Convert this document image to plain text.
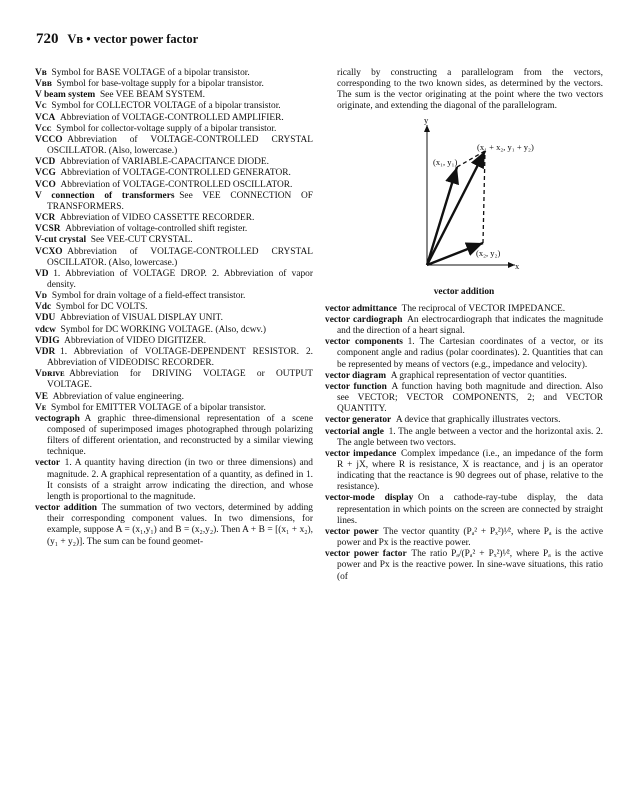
720 Vʙ • vector power factor

Vʙ  Symbol for BASE VOLTAGE of a bipolar transistor.

Vʙʙ  Symbol for base-voltage supply for a bipolar transistor.

V beam system  See VEE BEAM SYSTEM.

Vᴄ  Symbol for COLLECTOR VOLTAGE of a bipolar transistor.

VCA  Abbreviation of VOLTAGE-CONTROLLED AMPLIFIER.

Vᴄᴄ  Symbol for collector-voltage supply of a bipolar transistor.

VCCO  Abbreviation of VOLTAGE-CONTROLLED CRYSTAL OSCILLATOR. (Also, lowercase.)

VCD  Abbreviation of VARIABLE-CAPACITANCE DIODE.

VCG  Abbreviation of VOLTAGE-CONTROLLED GENERATOR.

VCO  Abbreviation of VOLTAGE-CONTROLLED OSCILLATOR.

V connection of transformers  See VEE CONNECTION OF TRANSFORMERS.

VCR  Abbreviation of VIDEO CASSETTE RECORDER.

VCSR  Abbreviation of voltage-controlled shift register.

V-cut crystal  See VEE-CUT CRYSTAL.

VCXO  Abbreviation of VOLTAGE-CONTROLLED CRYSTAL OSCILLATOR. (Also, lowercase.)

VD  1. Abbreviation of VOLTAGE DROP. 2. Abbreviation of vapor density.

Vᴅ  Symbol for drain voltage of a field-effect transistor.

Vdc  Symbol for DC VOLTS.

VDU  Abbreviation of VISUAL DISPLAY UNIT.

vdcw  Symbol for DC WORKING VOLTAGE. (Also, dcwv.)

VDIG  Abbreviation of VIDEO DIGITIZER.

VDR  1. Abbreviation of VOLTAGE-DEPENDENT RESISTOR. 2. Abbreviation of VIDEODISC RECORDER.

Vᴅʀɪᴠᴇ  Abbreviation for DRIVING VOLTAGE or OUTPUT VOLTAGE.

VE  Abbreviation of value engineering.

Vᴇ  Symbol for EMITTER VOLTAGE of a bipolar transistor.

vectograph  A graphic three-dimensional representation of a scene composed of superimposed images photographed through polarizing filters of different orientation, and reconstructed by a similar viewing technique.

vector  1. A quantity having direction (in two or three dimensions) and magnitude. 2. A graphical representation of a quantity, as defined in 1. It consists of a straight arrow indicating the direction, and whose length is proportional to the magnitude.

vector addition  The summation of two vectors, determined by adding their corresponding component values. In two dimensions, for example, suppose A = (x₁,y₁) and B = (x₂,y₂). Then A + B = [(x₁ + x₂),(y₁ + y₂)]. The sum can be found geomet-

rically by constructing a parallelogram from the vectors, corresponding to the two known sides, as determined by the vectors. The sum is the vector originating at the point where the two vectors originate, and extending the diagonal of the parallelogram.

y
x
(x₁, y₁)
(x₂, y₂)
(x₁ + x₂, y₁ + y₂)
vector addition

vector admittance  The reciprocal of VECTOR IMPEDANCE.

vector cardiograph  An electrocardiograph that indicates the magnitude and the direction of a heart signal.

vector components  1. The Cartesian coordinates of a vector, or its component angle and radius (polar coordinates). 2. Quantities that can be represented by means of vectors (e.g., impedance and velocity).

vector diagram  A graphical representation of vector quantities.

vector function  A function having both magnitude and direction. Also see VECTOR; VECTOR COMPONENTS, 2; and VECTOR QUANTITY.

vector generator  A device that graphically illustrates vectors.

vectorial angle  1. The angle between a vector and the horizontal axis. 2. The angle between two vectors.

vector impedance  Complex impedance (i.e., an impedance of the form R + jX, where R is resistance, X is reactance, and j is an operator indicating that the reactance is 90 degrees out of phase, relative to the resistance).

vector-mode display  On a cathode-ray-tube display, the data representation in which points on the screen are connected by straight lines.

vector power  The vector quantity (Pₐ² + Pₓ²)¹⁄², where Pₐ is the active power and Px is the reactive power.

vector power factor  The ratio Pₐ/(Pₐ² + Pₓ²)¹⁄², where Pₐ is the active power and Px is the reactive power. In sine-wave situations, this ratio (of
